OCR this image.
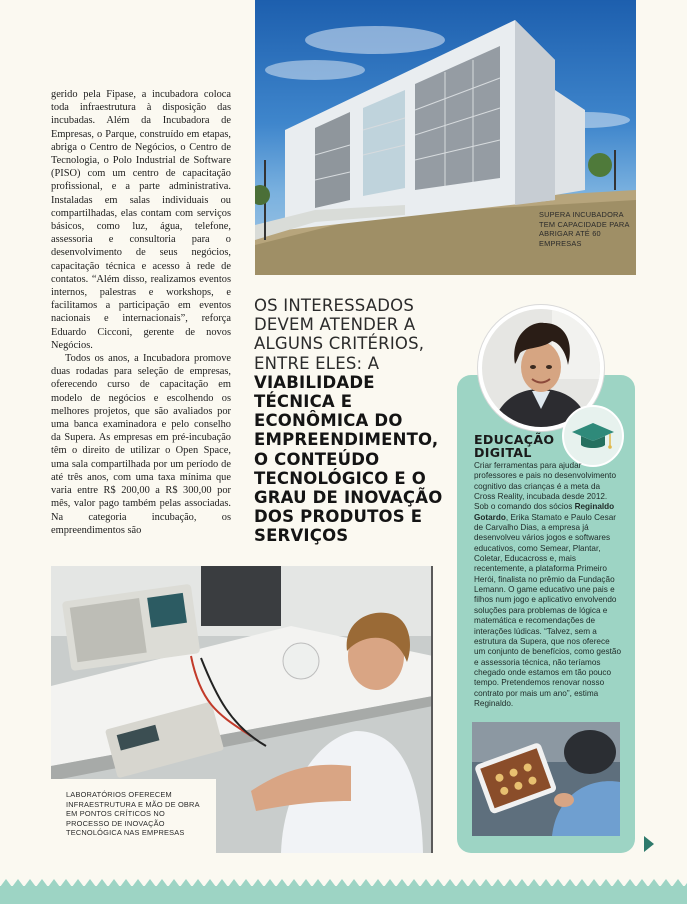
gerido pela Fipase, a incubadora coloca toda infraestrutura à disposição das incubadas. Além da Incubadora de Empresas, o Parque, construído em etapas, abriga o Centro de Negócios, o Centro de Tecnologia, o Polo Industrial de Software (PISO) com um centro de capacitação profissional, e a parte administrativa. Instaladas em salas individuais ou compartilhadas, elas contam com serviços básicos, como luz, água, telefone, assessoria e consultoria para o desenvolvimento de seus negócios, capacitação técnica e acesso à rede de contatos. “Além disso, realizamos eventos internos, palestras e workshops, e facilitamos a participação em eventos nacionais e internacionais”, reforça Eduardo Cicconi, gerente de novos Negócios.

Todos os anos, a Incubadora promove duas rodadas para seleção de empresas, oferecendo curso de capacitação em modelo de negócios e escolhendo os melhores projetos, que são avaliados por uma banca examinadora e pelo conselho da Supera. As empresas em pré-incubação têm o direito de utilizar o Open Space, uma sala compartilhada por um período de até três anos, com uma taxa mínima que varia entre R$ 200,00 a R$ 300,00 por mês, valor pago também pelas associadas. Na categoria incubação, os empreendimentos são

SUPERA INCUBADORA TEM CAPACIDADE PARA ABRIGAR ATÉ 60 EMPRESAS
OS INTERESSADOS DEVEM ATENDER A ALGUNS CRITÉRIOS, ENTRE ELES: A
VIABILIDADE TÉCNICA E ECONÔMICA DO EMPREENDIMENTO, O CONTEÚDO TECNOLÓGICO E O GRAU DE INOVAÇÃO DOS PRODUTOS E SERVIÇOS
EDUCAÇÃO
DIGITAL

Criar ferramentas para ajudar professores e pais no desenvolvimento cognitivo das crianças é a meta da Cross Reality, incubada desde 2012. Sob o comando dos sócios Reginaldo Gotardo, Erika Stamato e Paulo Cesar de Carvalho Dias, a empresa já desenvolveu vários jogos e softwares educativos, como Semear, Plantar, Coletar, Educacross e, mais recentemente, a plataforma Primeiro Herói, finalista no prêmio da Fundação Lemann. O game educativo une pais e filhos num jogo e aplicativo envolvendo soluções para problemas de lógica e matemática e recomendações de interações lúdicas. “Talvez, sem a estrutura da Supera, que nos oferece um conjunto de benefícios, como gestão e assessoria técnica, não teríamos chegado onde estamos em tão pouco tempo. Pretendemos renovar nosso contrato por mais um ano”, estima Reginaldo.

LABORATÓRIOS OFERECEM INFRAESTRUTURA E MÃO DE OBRA EM PONTOS CRÍTICOS NO PROCESSO DE INOVAÇÃO TECNOLÓGICA NAS EMPRESAS
